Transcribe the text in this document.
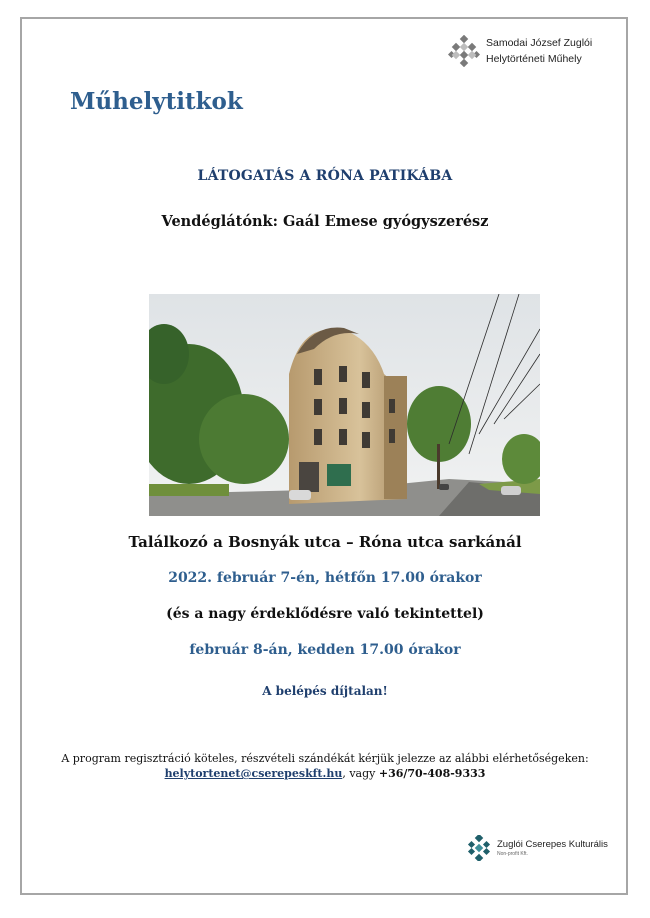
Samodai József Zuglói
Helytörténeti Műhely
Műhelytitkok
LÁTOGATÁS A RÓNA PATIKÁBA
Vendéglátónk: Gaál Emese gyógyszerész
Találkozó a Bosnyák utca – Róna utca sarkánál
2022. február 7-én, hétfőn 17.00 órakor
(és a nagy érdeklődésre való tekintettel)
február 8-án, kedden 17.00 órakor
A belépés díjtalan!
A program regisztráció köteles, részvételi szándékát kérjük jelezze az alábbi elérhetőségeken:
helytortenet@cserepeskft.hu, vagy +36/70-408-9333
Zuglói Cserepes Kulturális
Non-profit Kft.
